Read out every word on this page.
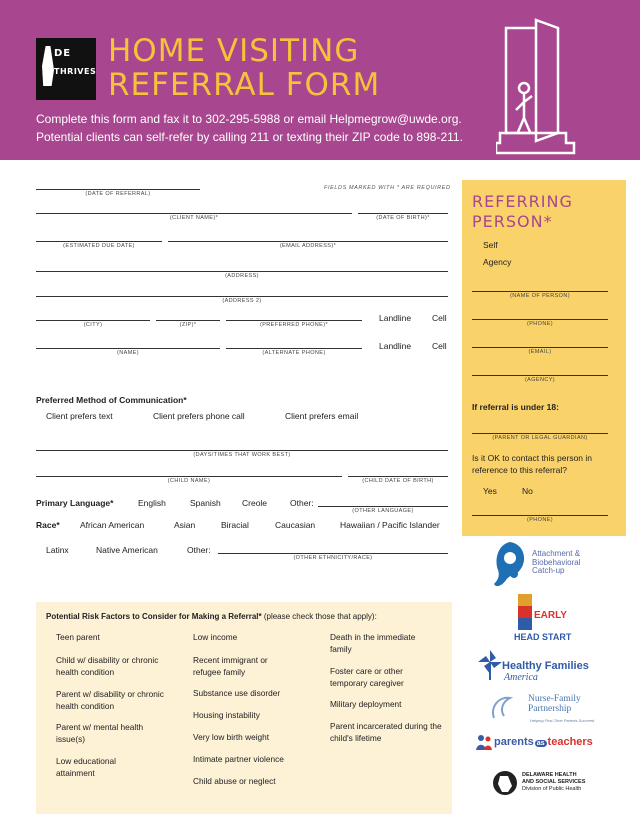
DE
THRIVES
HOME VISITING
REFERRAL FORM
Complete this form and fax it to 302-295-5988 or email Helpmegrow@uwde.org.
Potential clients can self-refer by calling 211 or texting their ZIP code to 898-211.
FIELDS MARKED WITH * ARE REQUIRED
(DATE OF REFERRAL)
(CLIENT NAME)*	(DATE OF BIRTH)*
(ESTIMATED DUE DATE)	(EMAIL ADDRESS)*
(ADDRESS)
(ADDRESS 2)
(CITY)	(ZIP)*	(PREFERRED PHONE)*
Landline Cell
(NAME)	(ALTERNATE PHONE)
Landline Cell
Preferred Method of Communication*
Client prefers text	Client prefers phone call	Client prefers email
(DAYS/TIMES THAT WORK BEST)
(CHILD NAME)	(CHILD DATE OF BIRTH)
Primary Language*	English	Spanish	Creole	Other:
(OTHER LANGUAGE)
Race* African American	Asian	Biracial	Caucasian	Hawaiian / Pacific Islander
Latinx	Native American	Other:
(OTHER ETHNICITY/RACE)
REFERRING
PERSON*
Self
Agency
(NAME OF PERSON)
(PHONE)
(EMAIL)
(AGENCY)
If referral is under 18:
(PARENT OR LEGAL GUARDIAN)
Is it OK to contact this person in reference to this referral?
Yes	No
(PHONE)
Potential Risk Factors to Consider for Making a Referral* (please check those that apply):
Teen parent
Child w/ disability or chronic health condition
Parent w/ disability or chronic health condition
Parent w/ mental health issue(s)
Low educational attainment
Low income
Recent immigrant or refugee family
Substance use disorder
Housing instability
Very low birth weight
Intimate partner violence
Child abuse or neglect
Death in the immediate family
Foster care or other temporary caregiver
Military deployment
Parent incarcerated during the child's lifetime
Attachment &
Biobehavioral
Catch-up
EARLY
HEAD START
Healthy Families
America
Nurse-Family
Partnership
Helping First-Time Parents Succeed
parents as teachers
DELAWARE HEALTH
AND SOCIAL SERVICES
Division of Public Health
